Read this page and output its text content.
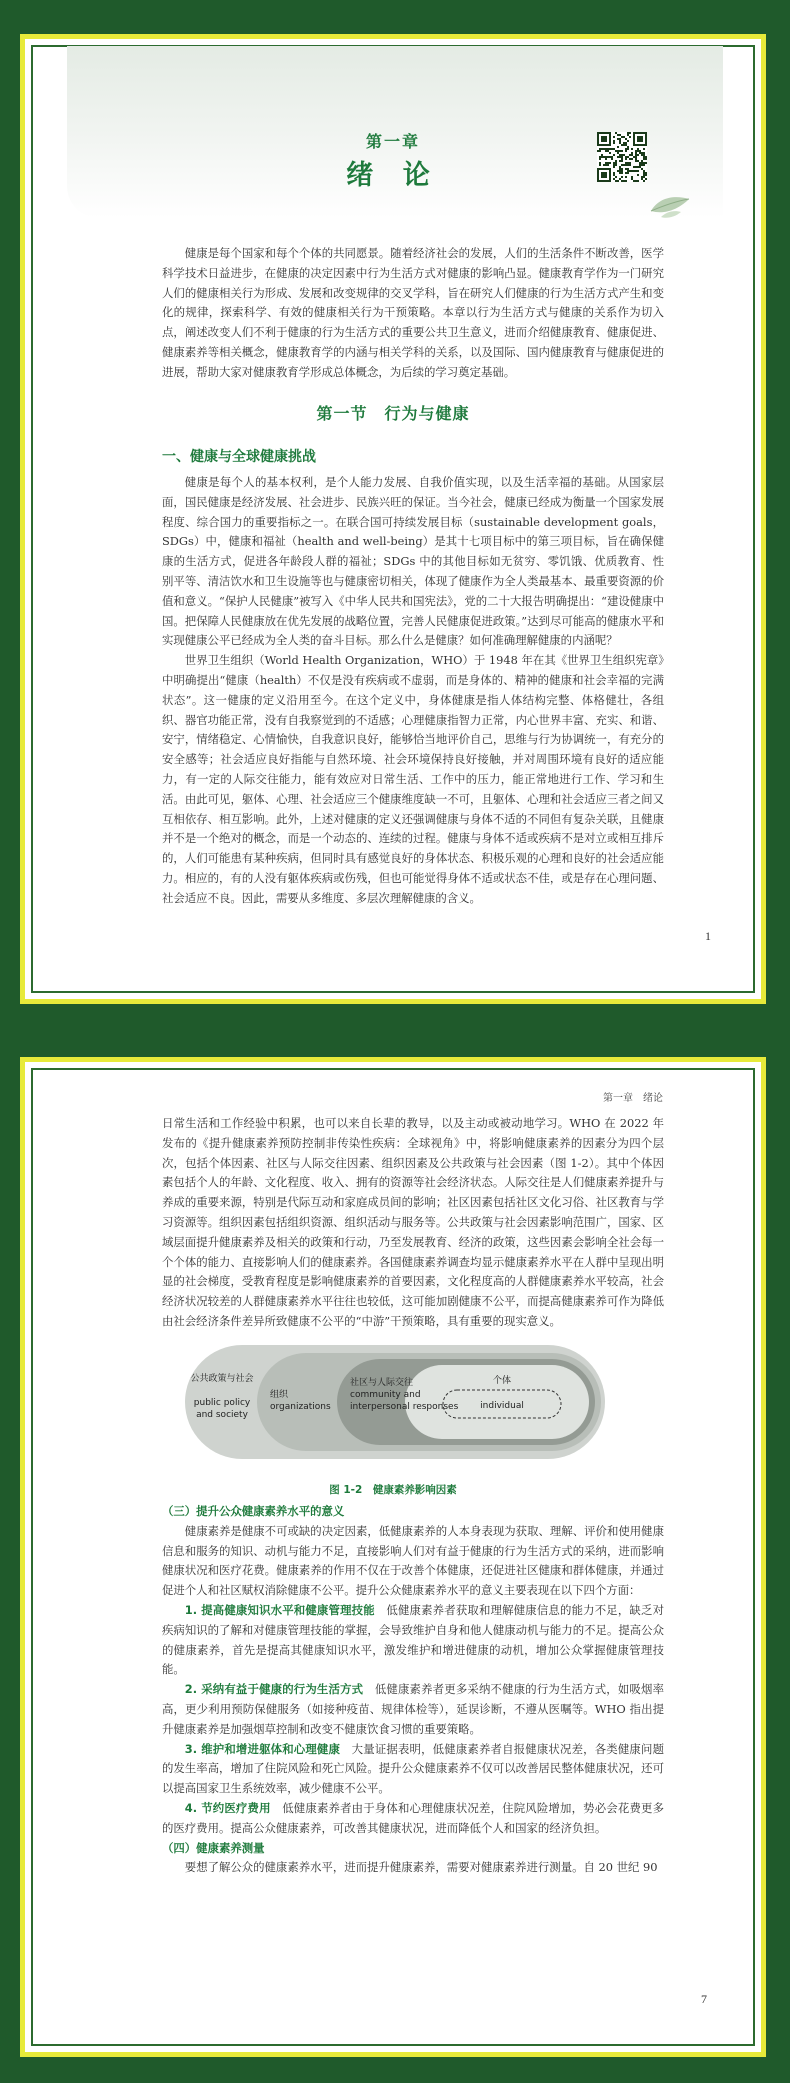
第一章
绪 论

健康是每个国家和每个个体的共同愿景。随着经济社会的发展，人们的生活条件不断改善，医学科学技术日益进步，在健康的决定因素中行为生活方式对健康的影响凸显。健康教育学作为一门研究人们的健康相关行为形成、发展和改变规律的交叉学科，旨在研究人们健康的行为生活方式产生和变化的规律，探索科学、有效的健康相关行为干预策略。本章以行为生活方式与健康的关系作为切入点，阐述改变人们不利于健康的行为生活方式的重要公共卫生意义，进而介绍健康教育、健康促进、健康素养等相关概念，健康教育学的内涵与相关学科的关系，以及国际、国内健康教育与健康促进的进展，帮助大家对健康教育学形成总体概念，为后续的学习奠定基础。

第一节　行为与健康
一、健康与全球健康挑战

健康是每个人的基本权利，是个人能力发展、自我价值实现，以及生活幸福的基础。从国家层面，国民健康是经济发展、社会进步、民族兴旺的保证。当今社会，健康已经成为衡量一个国家发展程度、综合国力的重要指标之一。在联合国可持续发展目标（sustainable development goals，SDGs）中，健康和福祉（health and well-being）是其十七项目标中的第三项目标，旨在确保健康的生活方式，促进各年龄段人群的福祉；SDGs 中的其他目标如无贫穷、零饥饿、优质教育、性别平等、清洁饮水和卫生设施等也与健康密切相关，体现了健康作为全人类最基本、最重要资源的价值和意义。“保护人民健康”被写入《中华人民共和国宪法》，党的二十大报告明确提出：“建设健康中国。把保障人民健康放在优先发展的战略位置，完善人民健康促进政策。”达到尽可能高的健康水平和实现健康公平已经成为全人类的奋斗目标。那么什么是健康？如何准确理解健康的内涵呢？

世界卫生组织（World Health Organization，WHO）于 1948 年在其《世界卫生组织宪章》中明确提出“健康（health）不仅是没有疾病或不虚弱，而是身体的、精神的健康和社会幸福的完满状态”。这一健康的定义沿用至今。在这个定义中，身体健康是指人体结构完整、体格健壮，各组织、器官功能正常，没有自我察觉到的不适感；心理健康指智力正常，内心世界丰富、充实、和谐、安宁，情绪稳定、心情愉快，自我意识良好，能够恰当地评价自己，思维与行为协调统一，有充分的安全感等；社会适应良好指能与自然环境、社会环境保持良好接触，并对周围环境有良好的适应能力，有一定的人际交往能力，能有效应对日常生活、工作中的压力，能正常地进行工作、学习和生活。由此可见，躯体、心理、社会适应三个健康维度缺一不可，且躯体、心理和社会适应三者之间又互相依存、相互影响。此外，上述对健康的定义还强调健康与身体不适的不同但有复杂关联，且健康并不是一个绝对的概念，而是一个动态的、连续的过程。健康与身体不适或疾病不是对立或相互排斥的，人们可能患有某种疾病，但同时具有感觉良好的身体状态、积极乐观的心理和良好的社会适应能力。相应的，有的人没有躯体疾病或伤残，但也可能觉得身体不适或状态不佳，或是存在心理问题、社会适应不良。因此，需要从多维度、多层次理解健康的含义。

1
第一章　绪论

日常生活和工作经验中积累，也可以来自长辈的教导，以及主动或被动地学习。WHO 在 2022 年发布的《提升健康素养预防控制非传染性疾病：全球视角》中，将影响健康素养的因素分为四个层次，包括个体因素、社区与人际交往因素、组织因素及公共政策与社会因素（图 1-2）。其中个体因素包括个人的年龄、文化程度、收入、拥有的资源等社会经济状态。人际交往是人们健康素养提升与养成的重要来源，特别是代际互动和家庭成员间的影响；社区因素包括社区文化习俗、社区教育与学习资源等。组织因素包括组织资源、组织活动与服务等。公共政策与社会因素影响范围广，国家、区域层面提升健康素养及相关的政策和行动，乃至发展教育、经济的政策，这些因素会影响全社会每一个个体的能力、直接影响人们的健康素养。各国健康素养调查均显示健康素养水平在人群中呈现出明显的社会梯度，受教育程度是影响健康素养的首要因素，文化程度高的人群健康素养水平较高，社会经济状况较差的人群健康素养水平往往也较低，这可能加剧健康不公平，而提高健康素养可作为降低由社会经济条件差异所致健康不公平的“中游”干预策略，具有重要的现实意义。

公共政策与社会
public policy
and society
组织
organizations
社区与人际交往
community and
interpersonal responses
个体
individual
图 1-2　健康素养影响因素
（三）提升公众健康素养水平的意义

健康素养是健康不可或缺的决定因素，低健康素养的人本身表现为获取、理解、评价和使用健康信息和服务的知识、动机与能力不足，直接影响人们对有益于健康的行为生活方式的采纳，进而影响健康状况和医疗花费。健康素养的作用不仅在于改善个体健康，还促进社区健康和群体健康，并通过促进个人和社区赋权消除健康不公平。提升公众健康素养水平的意义主要表现在以下四个方面：

1. 提高健康知识水平和健康管理技能　 低健康素养者获取和理解健康信息的能力不足，缺乏对疾病知识的了解和对健康管理技能的掌握，会导致维护自身和他人健康动机与能力的不足。提高公众的健康素养，首先是提高其健康知识水平，激发维护和增进健康的动机，增加公众掌握健康管理技能。

2. 采纳有益于健康的行为生活方式　 低健康素养者更多采纳不健康的行为生活方式，如吸烟率高，更少利用预防保健服务（如接种疫苗、规律体检等），延误诊断，不遵从医嘱等。WHO 指出提升健康素养是加强烟草控制和改变不健康饮食习惯的重要策略。

3. 维护和增进躯体和心理健康　 大量证据表明，低健康素养者自报健康状况差，各类健康问题的发生率高，增加了住院风险和死亡风险。提升公众健康素养不仅可以改善居民整体健康状况，还可以提高国家卫生系统效率，减少健康不公平。

4. 节约医疗费用　 低健康素养者由于身体和心理健康状况差，住院风险增加，势必会花费更多的医疗费用。提高公众健康素养，可改善其健康状况，进而降低个人和国家的经济负担。

（四）健康素养测量

要想了解公众的健康素养水平，进而提升健康素养，需要对健康素养进行测量。自 20 世纪 90

7
